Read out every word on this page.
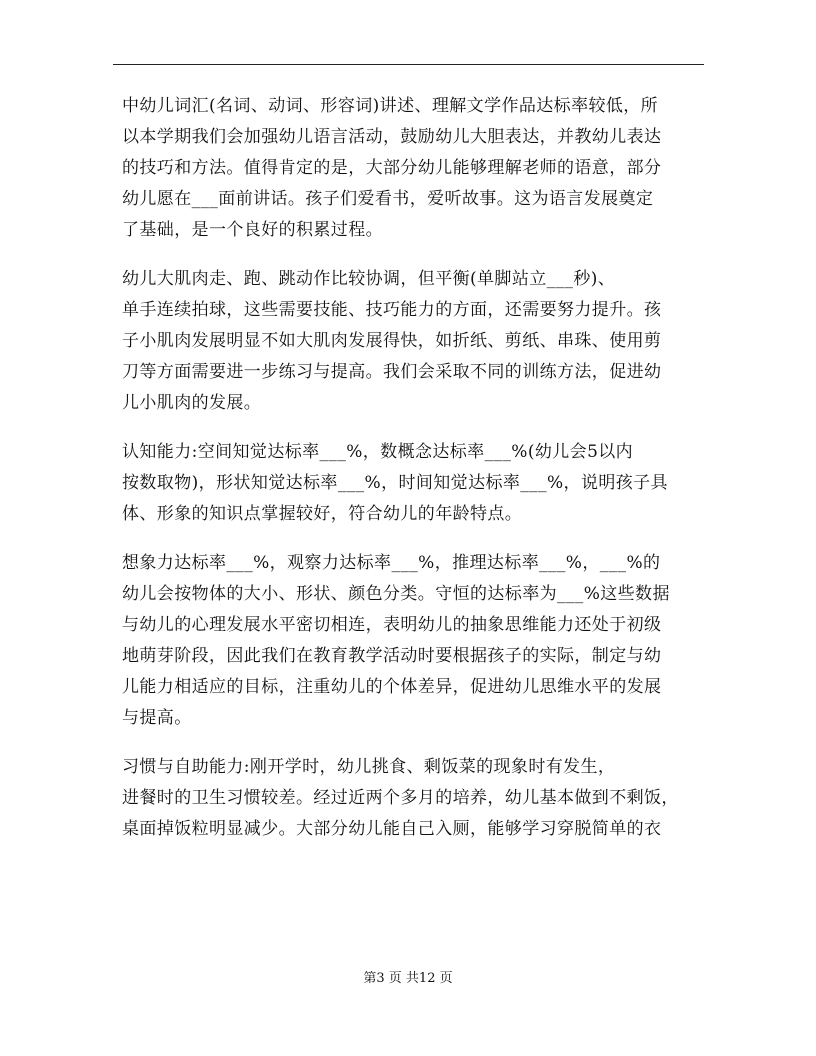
中幼儿词汇(名词、动词、形容词)讲述、理解文学作品达标率较低，所
以本学期我们会加强幼儿语言活动，鼓励幼儿大胆表达，并教幼儿表达
的技巧和方法。值得肯定的是，大部分幼儿能够理解老师的语意，部分
幼儿愿在___面前讲话。孩子们爱看书，爱听故事。这为语言发展奠定
了基础，是一个良好的积累过程。

幼儿大肌肉走、跑、跳动作比较协调，但平衡(单脚站立___秒)、
单手连续拍球，这些需要技能、技巧能力的方面，还需要努力提升。孩
子小肌肉发展明显不如大肌肉发展得快，如折纸、剪纸、串珠、使用剪
刀等方面需要进一步练习与提高。我们会采取不同的训练方法，促进幼
儿小肌肉的发展。

认知能力:空间知觉达标率___%，数概念达标率___%(幼儿会5以内
按数取物)，形状知觉达标率___%，时间知觉达标率___%，说明孩子具
体、形象的知识点掌握较好，符合幼儿的年龄特点。

想象力达标率___%，观察力达标率___%，推理达标率___%，___%的
幼儿会按物体的大小、形状、颜色分类。守恒的达标率为___%这些数据
与幼儿的心理发展水平密切相连，表明幼儿的抽象思维能力还处于初级
地萌芽阶段，因此我们在教育教学活动时要根据孩子的实际，制定与幼
儿能力相适应的目标，注重幼儿的个体差异，促进幼儿思维水平的发展
与提高。

习惯与自助能力:刚开学时，幼儿挑食、剩饭菜的现象时有发生，
进餐时的卫生习惯较差。经过近两个多月的培养，幼儿基本做到不剩饭，
桌面掉饭粒明显减少。大部分幼儿能自己入厕，能够学习穿脱简单的衣

第3 页 共12 页
